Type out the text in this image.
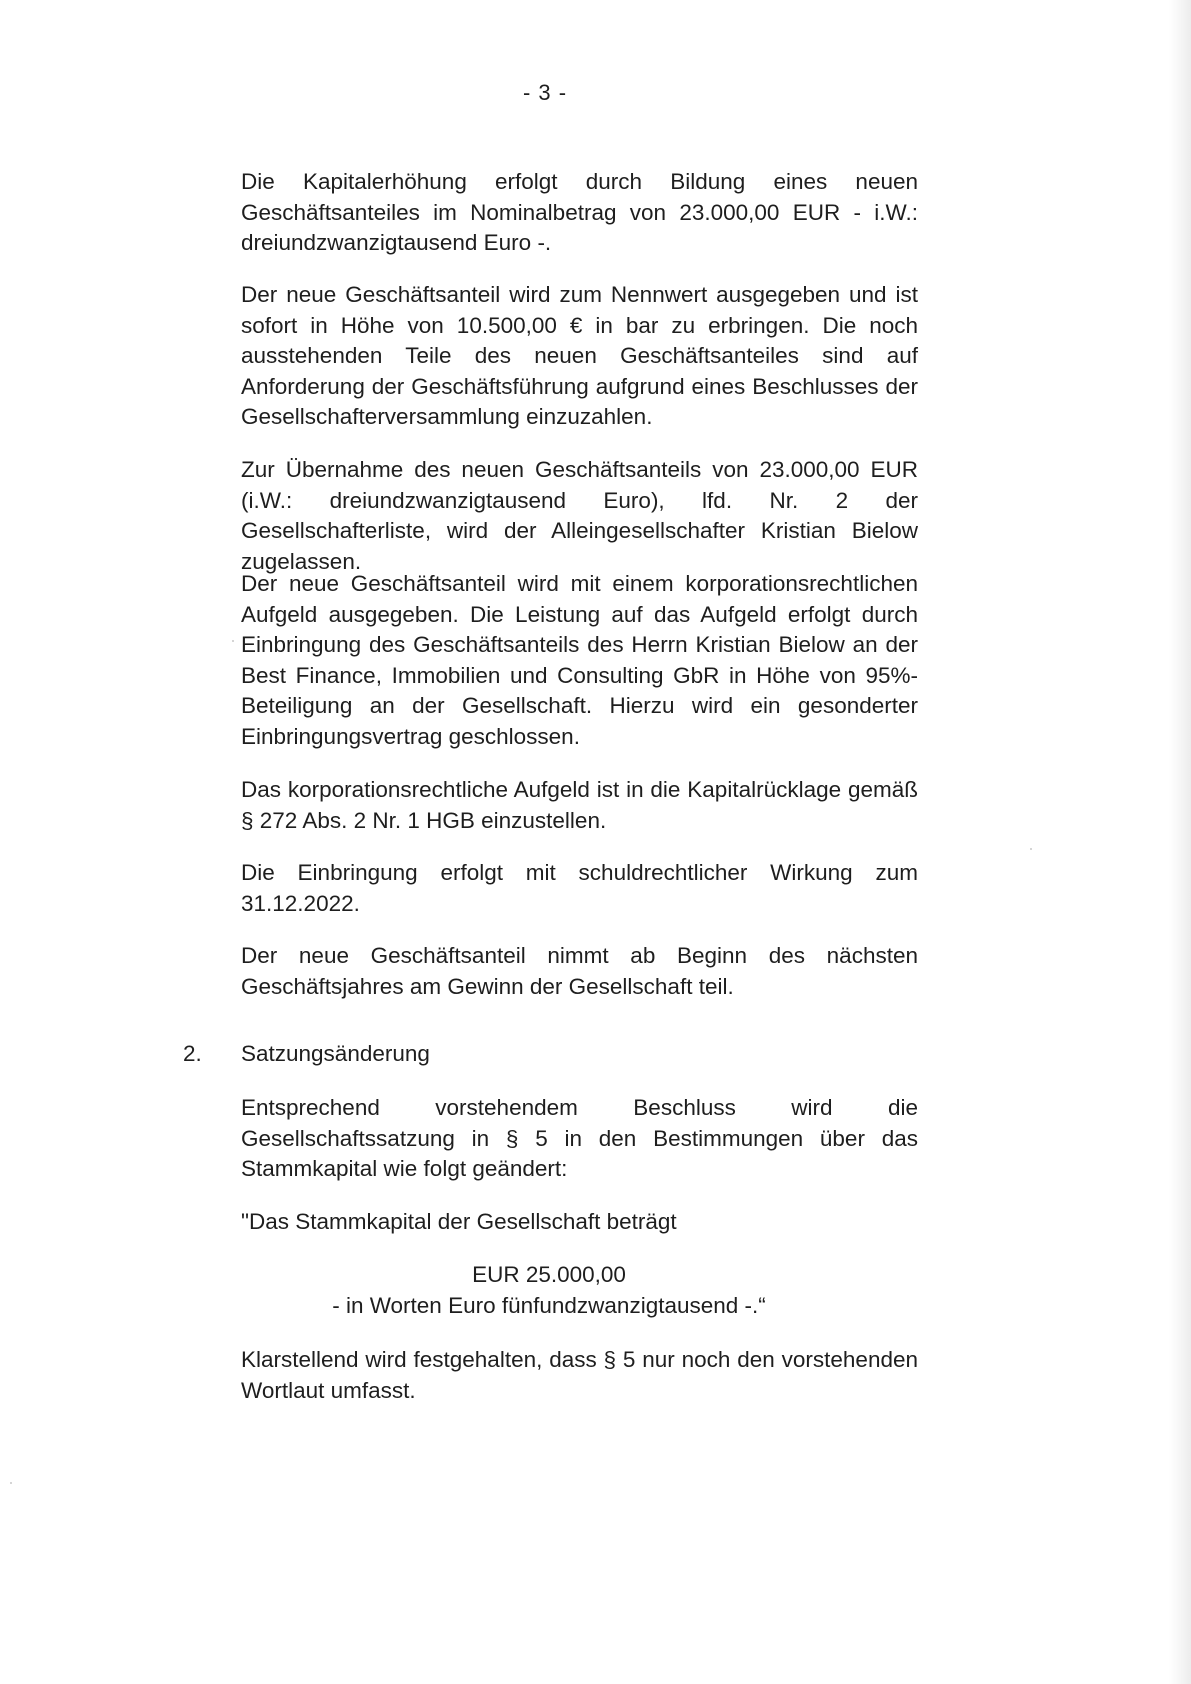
- 3 -

Die Kapitalerhöhung erfolgt durch Bildung eines neuen Geschäftsanteiles im Nominalbetrag von 23.000,00 EUR - i.W.: dreiundzwanzigtausend Euro -.

Der neue Geschäftsanteil wird zum Nennwert ausgegeben und ist sofort in Höhe von 10.500,00 € in bar zu erbringen. Die noch ausstehenden Teile des neuen Geschäftsanteiles sind auf Anforderung der Geschäftsführung aufgrund eines Beschlusses der Gesellschafterversammlung einzuzahlen.

Zur Übernahme des neuen Geschäftsanteils von 23.000,00 EUR (i.W.: dreiundzwanzigtausend Euro), lfd. Nr. 2 der Gesellschafterliste, wird der Alleingesellschafter Kristian Bielow zugelassen.

Der neue Geschäftsanteil wird mit einem korporationsrechtlichen Aufgeld ausgegeben. Die Leistung auf das Aufgeld erfolgt durch Einbringung des Geschäftsanteils des Herrn Kristian Bielow an der Best Finance, Immobilien und Consulting GbR in Höhe von 95%-Beteiligung an der Gesellschaft. Hierzu wird ein gesonderter Einbringungsvertrag geschlossen.

Das korporationsrechtliche Aufgeld ist in die Kapitalrücklage gemäß § 272 Abs. 2 Nr. 1 HGB einzustellen.

Die Einbringung erfolgt mit schuldrechtlicher Wirkung zum 31.12.2022.

Der neue Geschäftsanteil nimmt ab Beginn des nächsten Geschäftsjahres am Gewinn der Gesellschaft teil.

2. Satzungsänderung

Entsprechend vorstehendem Beschluss wird die Gesellschaftssatzung in § 5 in den Bestimmungen über das Stammkapital wie folgt geändert:

"Das Stammkapital der Gesellschaft beträgt
EUR 25.000,00
- in Worten Euro fünfundzwanzigtausend -.“

Klarstellend wird festgehalten, dass § 5 nur noch den vorstehenden Wortlaut umfasst.
